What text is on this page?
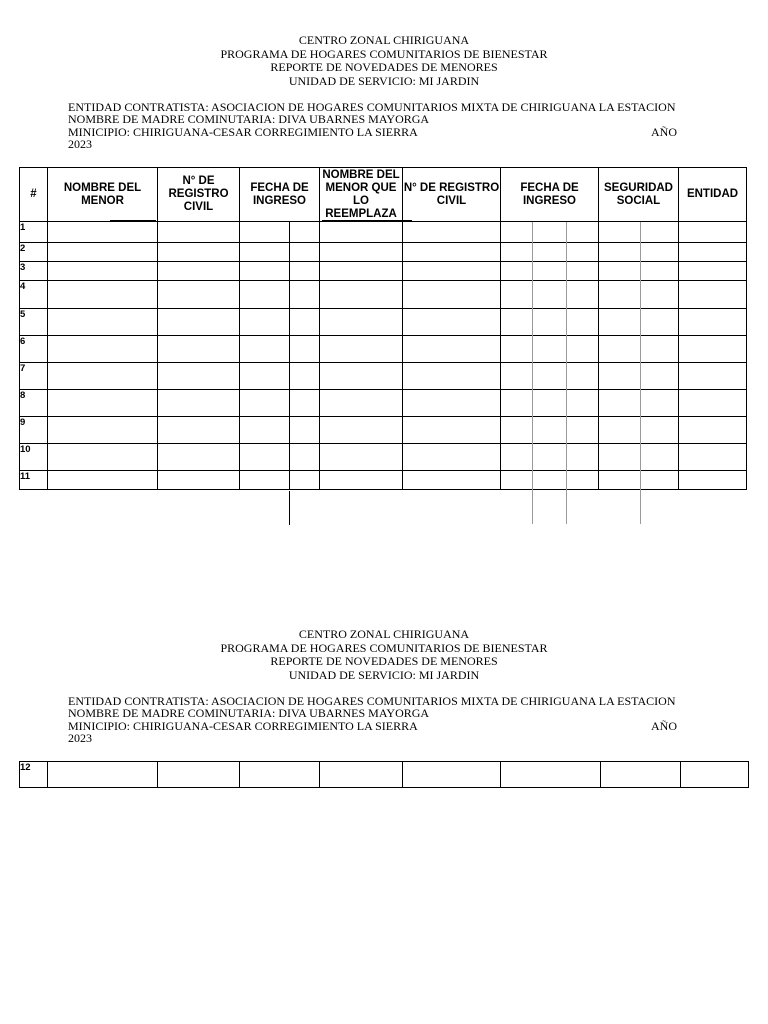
CENTRO ZONAL CHIRIGUANA
PROGRAMA DE HOGARES COMUNITARIOS DE BIENESTAR
REPORTE DE NOVEDADES DE MENORES
UNIDAD DE SERVICIO: MI JARDIN
ENTIDAD CONTRATISTA: ASOCIACION DE HOGARES COMUNITARIOS MIXTA DE CHIRIGUANA LA ESTACION
NOMBRE DE MADRE COMINUTARIA: DIVA UBARNES MAYORGA
MINICIPIO: CHIRIGUANA-CESAR CORREGIMIENTO LA SIERRA	AÑO
2023
#	NOMBRE DEL MENOR	N° DE REGISTRO CIVIL	FECHA DE INGRESO		NOMBRE DEL MENOR QUE LO REEMPLAZA	N° DE REGISTRO CIVIL	FECHA DE INGRESO	SEGURIDAD SOCIAL	ENTIDAD
1									
2									
3									
4									
5									
6									
7									
8									
9									
10									
11									
CENTRO ZONAL CHIRIGUANA
PROGRAMA DE HOGARES COMUNITARIOS DE BIENESTAR
REPORTE DE NOVEDADES DE MENORES
UNIDAD DE SERVICIO: MI JARDIN
ENTIDAD CONTRATISTA: ASOCIACION DE HOGARES COMUNITARIOS MIXTA DE CHIRIGUANA LA ESTACION
NOMBRE DE MADRE COMINUTARIA: DIVA UBARNES MAYORGA
MINICIPIO: CHIRIGUANA-CESAR CORREGIMIENTO LA SIERRA	AÑO
2023
12								
